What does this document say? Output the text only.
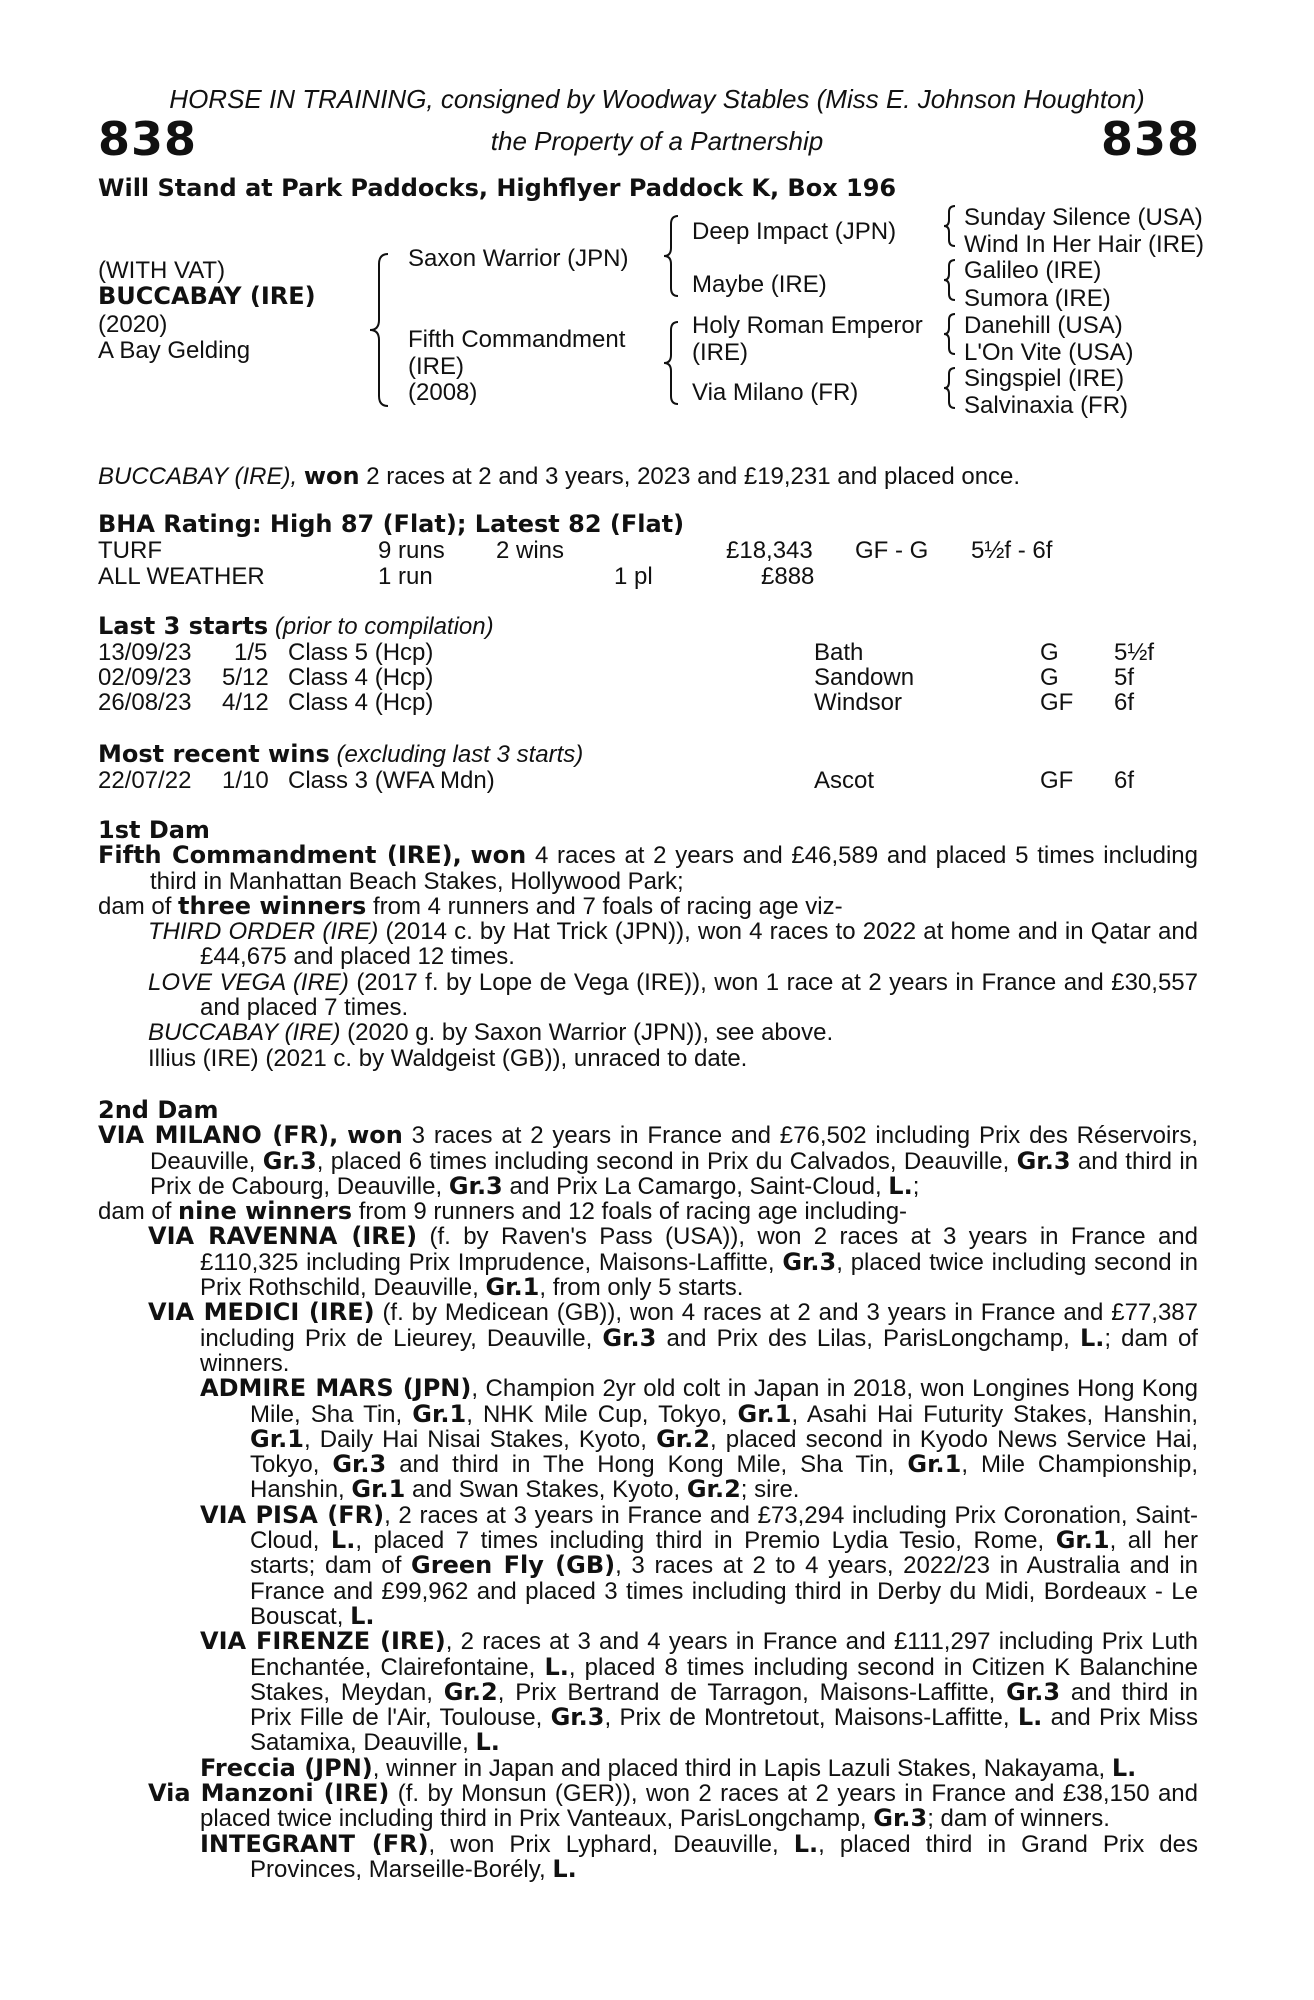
HORSE IN TRAINING, consigned by Woodway Stables (Miss E. Johnson Houghton)
838	the Property of a Partnership	838
Will Stand at Park Paddocks, Highflyer Paddock K, Box 196
(WITH VAT)
BUCCABAY (IRE)
(2020)
A Bay Gelding
Saxon Warrior (JPN)
Fifth Commandment
(IRE)
(2008)
Deep Impact (JPN)
Maybe (IRE)
Holy Roman Emperor
(IRE)
Via Milano (FR)
Sunday Silence (USA)
Wind In Her Hair (IRE)
Galileo (IRE)
Sumora (IRE)
Danehill (USA)
L'On Vite (USA)
Singspiel (IRE)
Salvinaxia (FR)
BUCCABAY (IRE), won 2 races at 2 and 3 years, 2023 and £19,231 and placed once.
BHA Rating: High 87 (Flat); Latest 82 (Flat)
TURF	9 runs 2 wins	£18,343 GF - G 5½f - 6f
ALL WEATHER	1 run	1 pl	£888
Last 3 starts (prior to compilation)
13/09/23 1/5 Class 5 (Hcp)	Bath	G 5½f
02/09/23 5/12 Class 4 (Hcp)	Sandown	G 5f
26/08/23 4/12 Class 4 (Hcp)	Windsor	GF 6f
Most recent wins (excluding last 3 starts)
22/07/22 1/10 Class 3 (WFA Mdn)	Ascot	GF 6f

1st Dam

Fifth Commandment (IRE), won 4 races at 2 years and £46,589 and placed 5 times including third in Manhattan Beach Stakes, Hollywood Park;

dam of three winners from 4 runners and 7 foals of racing age viz-

THIRD ORDER (IRE) (2014 c. by Hat Trick (JPN)), won 4 races to 2022 at home and in Qatar and £44,675 and placed 12 times.

LOVE VEGA (IRE) (2017 f. by Lope de Vega (IRE)), won 1 race at 2 years in France and £30,557 and placed 7 times.

BUCCABAY (IRE) (2020 g. by Saxon Warrior (JPN)), see above.

Illius (IRE) (2021 c. by Waldgeist (GB)), unraced to date.

2nd Dam

VIA MILANO (FR), won 3 races at 2 years in France and £76,502 including Prix des Réservoirs, Deauville, Gr.3, placed 6 times including second in Prix du Calvados, Deauville, Gr.3 and third in Prix de Cabourg, Deauville, Gr.3 and Prix La Camargo, Saint-Cloud, L.;

dam of nine winners from 9 runners and 12 foals of racing age including-

VIA RAVENNA (IRE) (f. by Raven's Pass (USA)), won 2 races at 3 years in France and £110,325 including Prix Imprudence, Maisons-Laffitte, Gr.3, placed twice including second in Prix Rothschild, Deauville, Gr.1, from only 5 starts.

VIA MEDICI (IRE) (f. by Medicean (GB)), won 4 races at 2 and 3 years in France and £77,387 including Prix de Lieurey, Deauville, Gr.3 and Prix des Lilas, ParisLongchamp, L.; dam of winners.

ADMIRE MARS (JPN), Champion 2yr old colt in Japan in 2018, won Longines Hong Kong Mile, Sha Tin, Gr.1, NHK Mile Cup, Tokyo, Gr.1, Asahi Hai Futurity Stakes, Hanshin, Gr.1, Daily Hai Nisai Stakes, Kyoto, Gr.2, placed second in Kyodo News Service Hai, Tokyo, Gr.3 and third in The Hong Kong Mile, Sha Tin, Gr.1, Mile Championship, Hanshin, Gr.1 and Swan Stakes, Kyoto, Gr.2; sire.

VIA PISA (FR), 2 races at 3 years in France and £73,294 including Prix Coronation, Saint-Cloud, L., placed 7 times including third in Premio Lydia Tesio, Rome, Gr.1, all her starts; dam of Green Fly (GB), 3 races at 2 to 4 years, 2022/23 in Australia and in France and £99,962 and placed 3 times including third in Derby du Midi, Bordeaux - Le Bouscat, L.

VIA FIRENZE (IRE), 2 races at 3 and 4 years in France and £111,297 including Prix Luth Enchantée, Clairefontaine, L., placed 8 times including second in Citizen K Balanchine Stakes, Meydan, Gr.2, Prix Bertrand de Tarragon, Maisons-Laffitte, Gr.3 and third in Prix Fille de l'Air, Toulouse, Gr.3, Prix de Montretout, Maisons-Laffitte, L. and Prix Miss Satamixa, Deauville, L.

Freccia (JPN), winner in Japan and placed third in Lapis Lazuli Stakes, Nakayama, L.

Via Manzoni (IRE) (f. by Monsun (GER)), won 2 races at 2 years in France and £38,150 and placed twice including third in Prix Vanteaux, ParisLongchamp, Gr.3; dam of winners.

INTEGRANT (FR), won Prix Lyphard, Deauville, L., placed third in Grand Prix des Provinces, Marseille-Borély, L.
